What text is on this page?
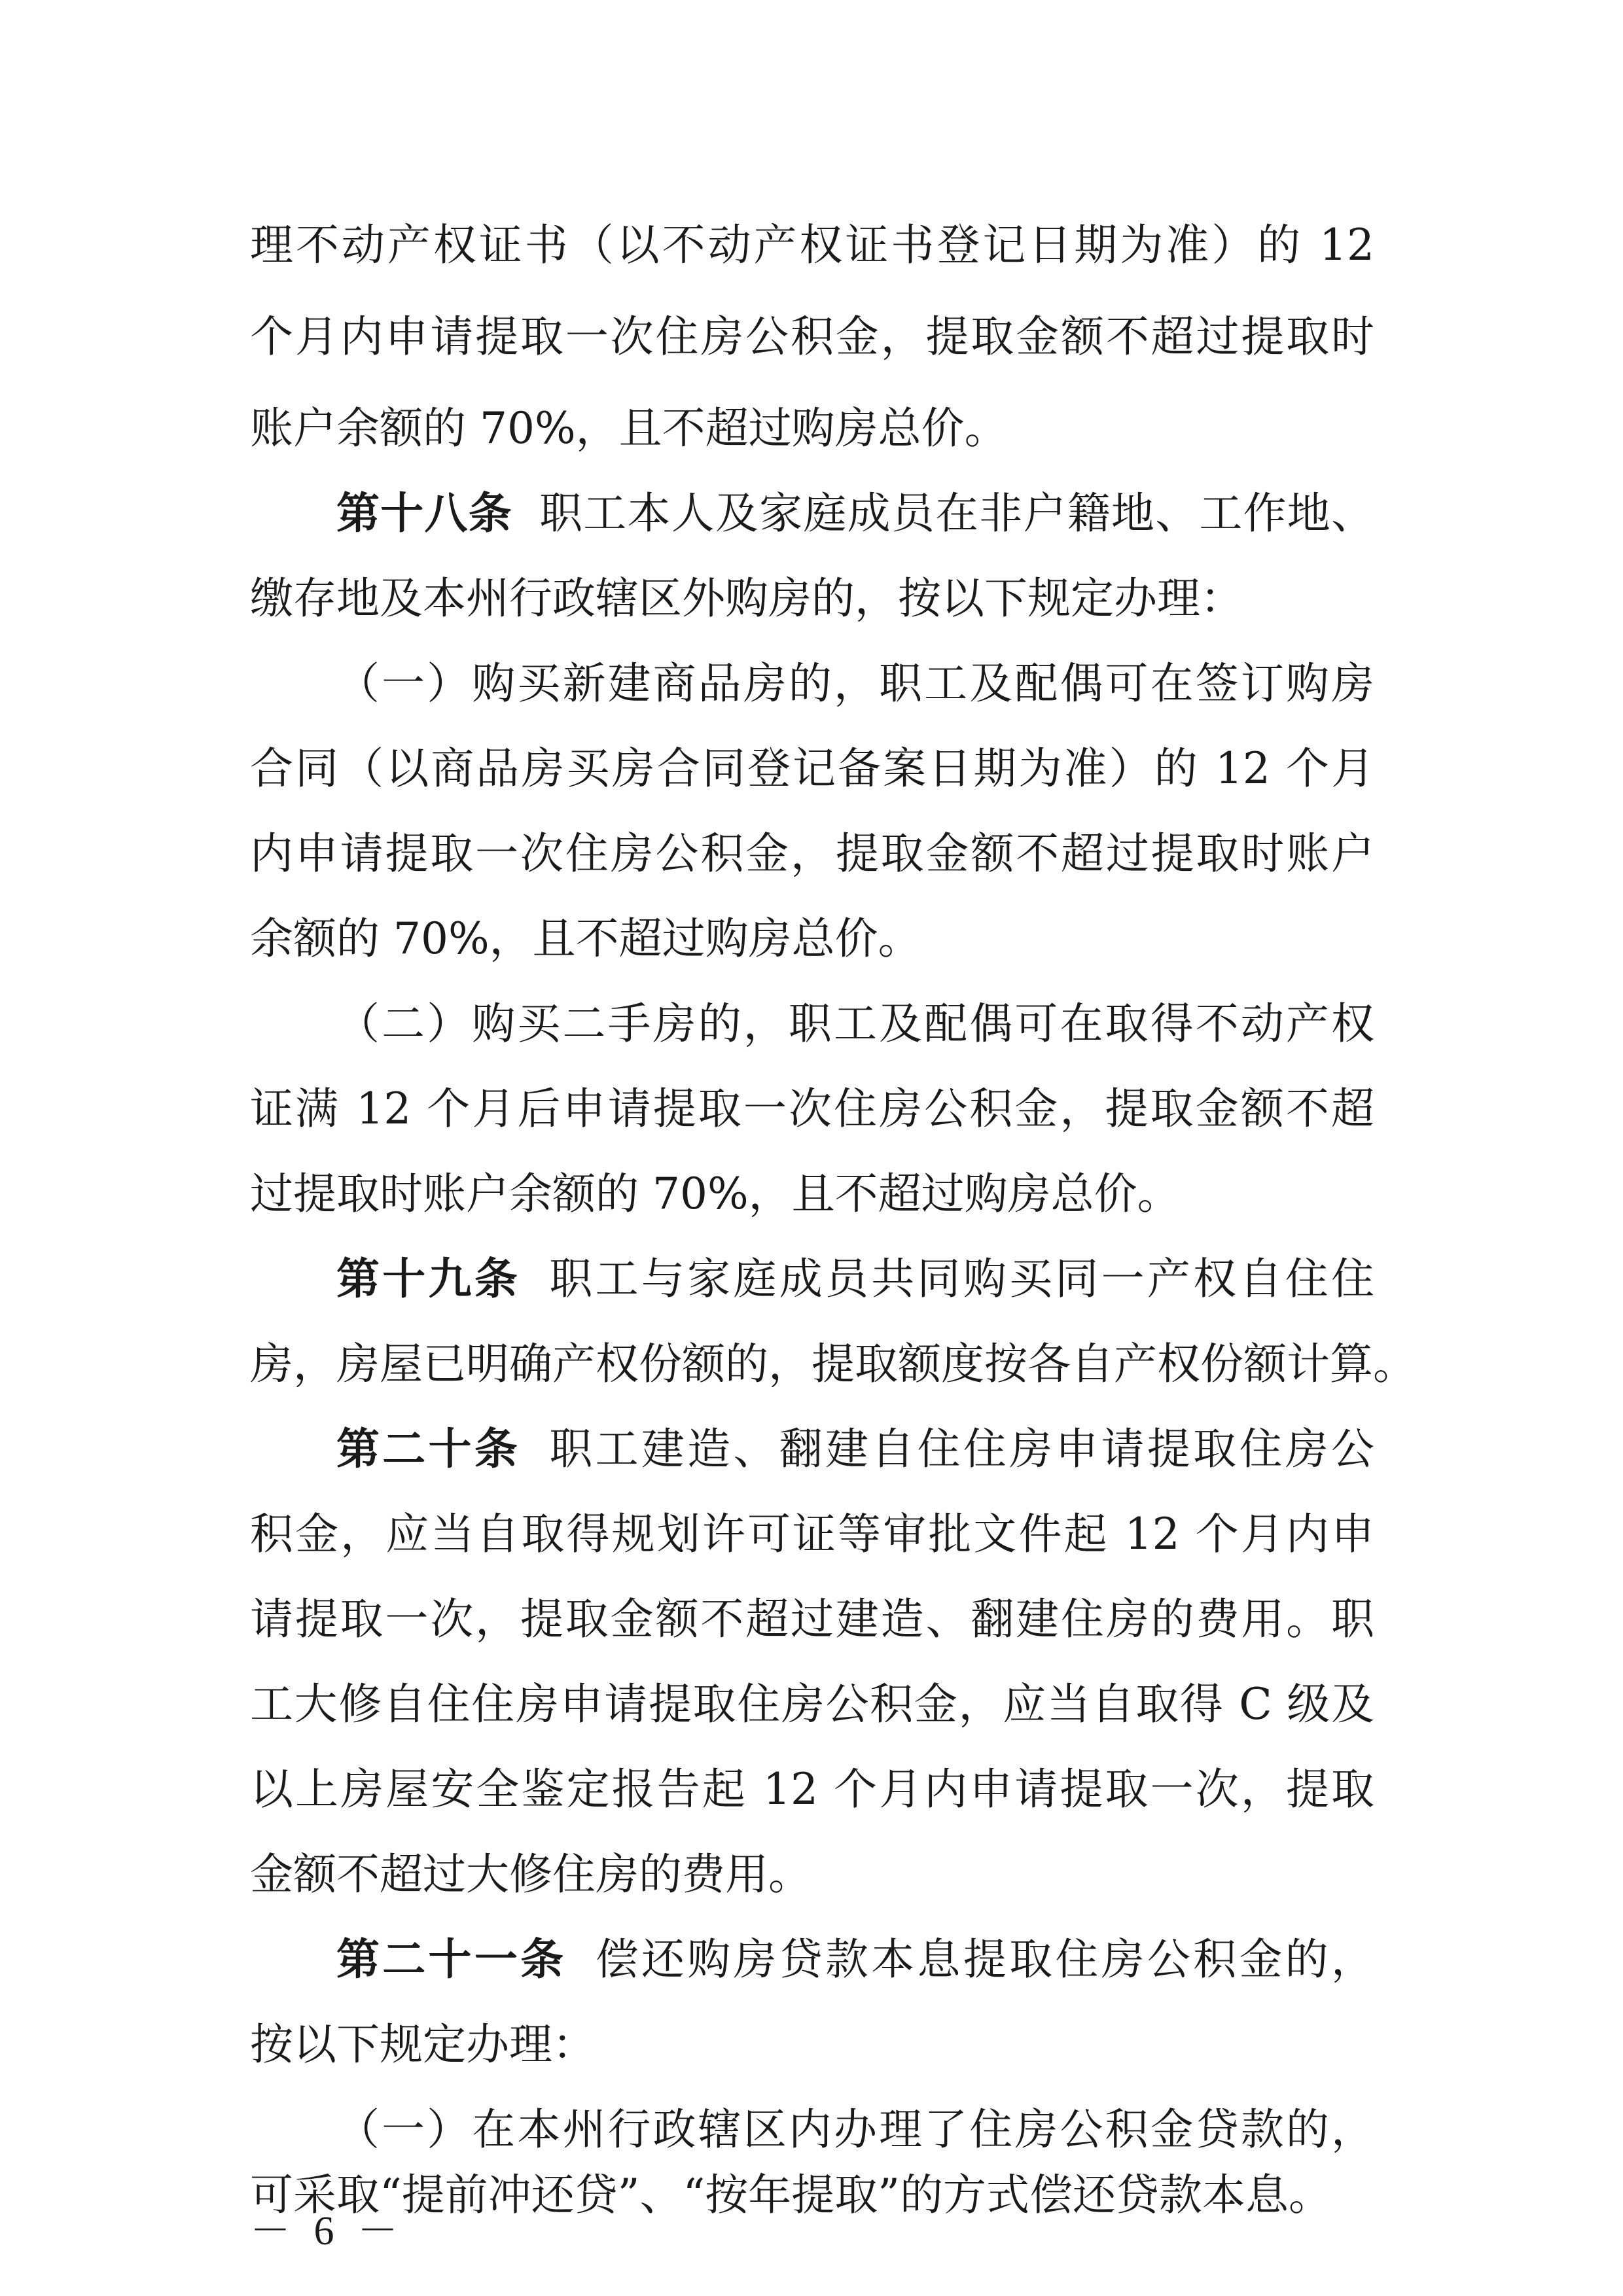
理不动产权证书（以不动产权证书登记日期为准）的 12
个月内申请提取一次住房公积金，提取金额不超过提取时
账户余额的 70%，且不超过购房总价。
第十八条 职工本人及家庭成员在非户籍地、工作地、
缴存地及本州行政辖区外购房的，按以下规定办理：
（一）购买新建商品房的，职工及配偶可在签订购房
合同（以商品房买房合同登记备案日期为准）的 12 个月
内申请提取一次住房公积金，提取金额不超过提取时账户
余额的 70%，且不超过购房总价。
（二）购买二手房的，职工及配偶可在取得不动产权
证满 12 个月后申请提取一次住房公积金，提取金额不超
过提取时账户余额的 70%，且不超过购房总价。
第十九条 职工与家庭成员共同购买同一产权自住住
房，房屋已明确产权份额的，提取额度按各自产权份额计算。
第二十条 职工建造、翻建自住住房申请提取住房公
积金，应当自取得规划许可证等审批文件起 12 个月内申
请提取一次，提取金额不超过建造、翻建住房的费用。职
工大修自住住房申请提取住房公积金，应当自取得 C 级及
以上房屋安全鉴定报告起 12 个月内申请提取一次，提取
金额不超过大修住房的费用。
第二十一条 偿还购房贷款本息提取住房公积金的，
按以下规定办理：
（一）在本州行政辖区内办理了住房公积金贷款的，
可采取“提前冲还贷”、“按年提取”的方式偿还贷款本息。
－ 6 －
